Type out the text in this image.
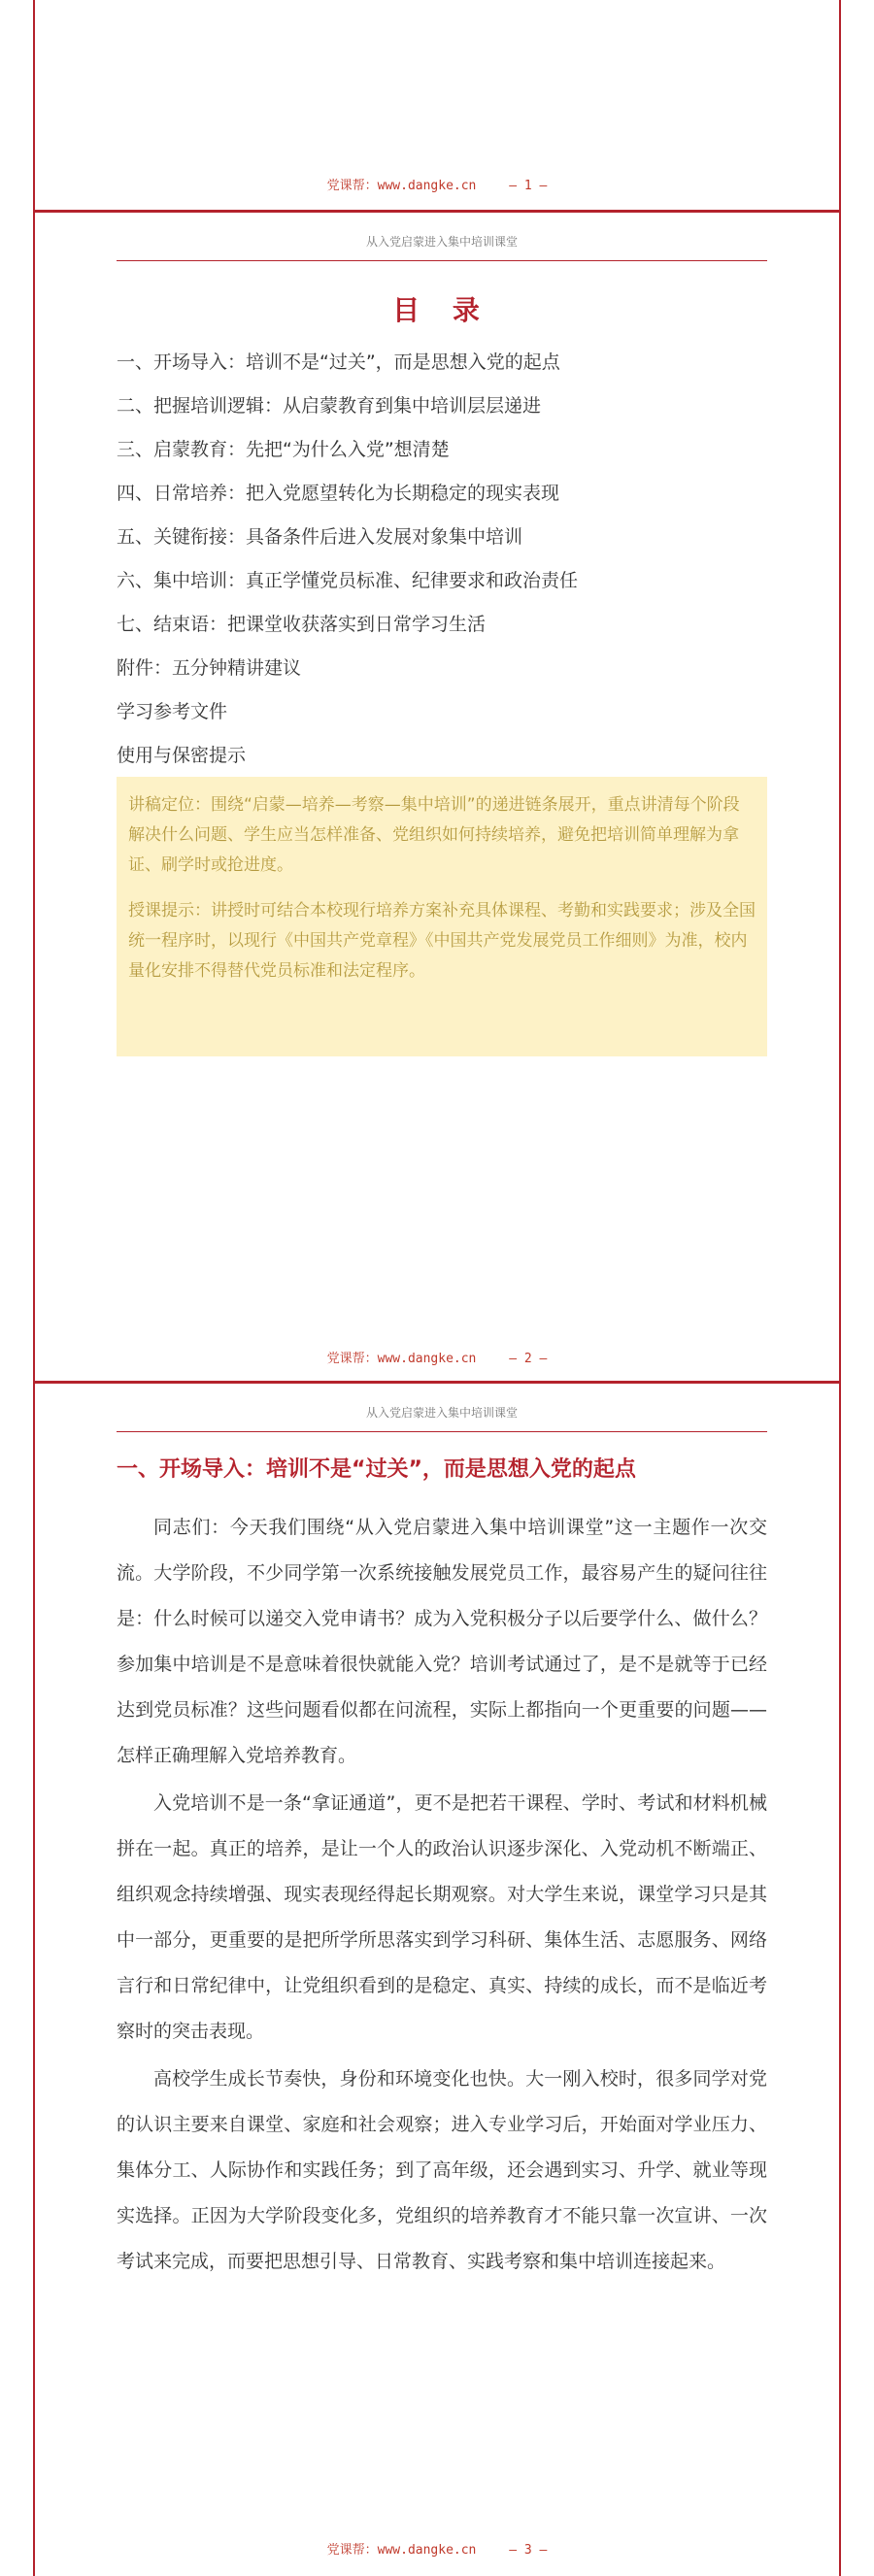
党课帮：www.dangke.cn	— 1 —
从入党启蒙进入集中培训课堂
目 录
一、开场导入：培训不是“过关”，而是思想入党的起点
二、把握培训逻辑：从启蒙教育到集中培训层层递进
三、启蒙教育：先把“为什么入党”想清楚
四、日常培养：把入党愿望转化为长期稳定的现实表现
五、关键衔接：具备条件后进入发展对象集中培训
六、集中培训：真正学懂党员标准、纪律要求和政治责任
七、结束语：把课堂收获落实到日常学习生活
附件：五分钟精讲建议
学习参考文件
使用与保密提示

讲稿定位：围绕“启蒙—培养—考察—集中培训”的递进链条展开，重点讲清每个阶段解决什么问题、学生应当怎样准备、党组织如何持续培养，避免把培训简单理解为拿证、刷学时或抢进度。

授课提示：讲授时可结合本校现行培养方案补充具体课程、考勤和实践要求；涉及全国统一程序时，以现行《中国共产党章程》《中国共产党发展党员工作细则》为准，校内量化安排不得替代党员标准和法定程序。

党课帮：www.dangke.cn	— 2 —
从入党启蒙进入集中培训课堂
一、开场导入：培训不是“过关”，而是思想入党的起点

同志们：今天我们围绕“从入党启蒙进入集中培训课堂”这一主题作一次交流。大学阶段，不少同学第一次系统接触发展党员工作，最容易产生的疑问往往是：什么时候可以递交入党申请书？成为入党积极分子以后要学什么、做什么？参加集中培训是不是意味着很快就能入党？培训考试通过了，是不是就等于已经达到党员标准？这些问题看似都在问流程，实际上都指向一个更重要的问题——怎样正确理解入党培养教育。

入党培训不是一条“拿证通道”，更不是把若干课程、学时、考试和材料机械拼在一起。真正的培养，是让一个人的政治认识逐步深化、入党动机不断端正、组织观念持续增强、现实表现经得起长期观察。对大学生来说，课堂学习只是其中一部分，更重要的是把所学所思落实到学习科研、集体生活、志愿服务、网络言行和日常纪律中，让党组织看到的是稳定、真实、持续的成长，而不是临近考察时的突击表现。

高校学生成长节奏快，身份和环境变化也快。大一刚入校时，很多同学对党的认识主要来自课堂、家庭和社会观察；进入专业学习后，开始面对学业压力、集体分工、人际协作和实践任务；到了高年级，还会遇到实习、升学、就业等现实选择。正因为大学阶段变化多，党组织的培养教育才不能只靠一次宣讲、一次考试来完成，而要把思想引导、日常教育、实践考察和集中培训连接起来。

党课帮：www.dangke.cn	— 3 —
